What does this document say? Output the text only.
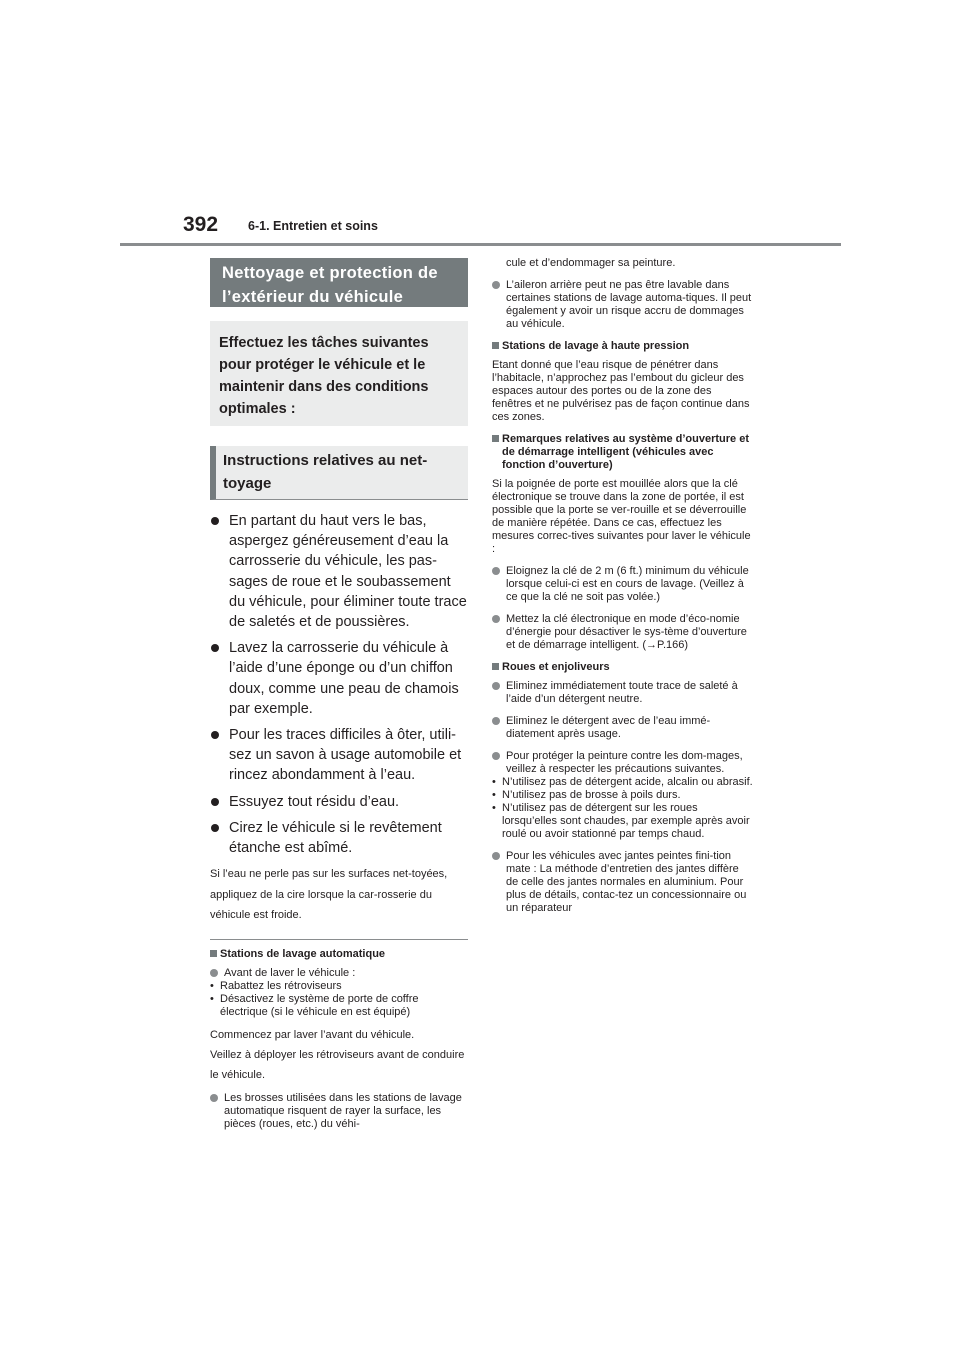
392 6-1. Entretien et soins
Nettoyage et protection de l’extérieur du véhicule
Effectuez les tâches suivantes pour protéger le véhicule et le maintenir dans des conditions optimales :
Instructions relatives au net-toyage
En partant du haut vers le bas, aspergez généreusement d’eau la carrosserie du véhicule, les pas-sages de roue et le soubassement du véhicule, pour éliminer toute trace de saletés et de poussières.
Lavez la carrosserie du véhicule à l’aide d’une éponge ou d’un chiffon doux, comme une peau de chamois par exemple.
Pour les traces difficiles à ôter, utili-sez un savon à usage automobile et rincez abondamment à l’eau.
Essuyez tout résidu d’eau.
Cirez le véhicule si le revêtement étanche est abîmé.
Si l’eau ne perle pas sur les surfaces net-toyées, appliquez de la cire lorsque la car-rosserie du véhicule est froide.
Stations de lavage automatique
Avant de laver le véhicule :
• Rabattez les rétroviseurs
• Désactivez le système de porte de coffre électrique (si le véhicule en est équipé)
Commencez par laver l’avant du véhicule.
Veillez à déployer les rétroviseurs avant de conduire le véhicule.
Les brosses utilisées dans les stations de lavage automatique risquent de rayer la surface, les pièces (roues, etc.) du véhi-
cule et d’endommager sa peinture.
L’aileron arrière peut ne pas être lavable dans certaines stations de lavage automa-tiques. Il peut également y avoir un risque accru de dommages au véhicule.
Stations de lavage à haute pression
Etant donné que l’eau risque de pénétrer dans l’habitacle, n’approchez pas l’embout du gicleur des espaces autour des portes ou de la zone des fenêtres et ne pulvérisez pas de façon continue dans ces zones.
Remarques relatives au système d’ouverture et de démarrage intelligent (véhicules avec fonction d’ouverture)
Si la poignée de porte est mouillée alors que la clé électronique se trouve dans la zone de portée, il est possible que la porte se ver-rouille et se déverrouille de manière répétée. Dans ce cas, effectuez les mesures correc-tives suivantes pour laver le véhicule :
Eloignez la clé de 2 m (6 ft.) minimum du véhicule lorsque celui-ci est en cours de lavage. (Veillez à ce que la clé ne soit pas volée.)
Mettez la clé électronique en mode d’éco-nomie d’énergie pour désactiver le sys-tème d’ouverture et de démarrage intelligent. (→P.166)
Roues et enjoliveurs
Eliminez immédiatement toute trace de saleté à l’aide d’un détergent neutre.
Eliminez le détergent avec de l’eau immé-diatement après usage.
Pour protéger la peinture contre les dom-mages, veillez à respecter les précautions suivantes.
• N’utilisez pas de détergent acide, alcalin ou abrasif.
• N’utilisez pas de brosse à poils durs.
• N’utilisez pas de détergent sur les roues lorsqu’elles sont chaudes, par exemple après avoir roulé ou avoir stationné par temps chaud.
Pour les véhicules avec jantes peintes fini-tion mate : La méthode d’entretien des jantes diffère de celle des jantes normales en aluminium. Pour plus de détails, contac-tez un concessionnaire ou un réparateur
